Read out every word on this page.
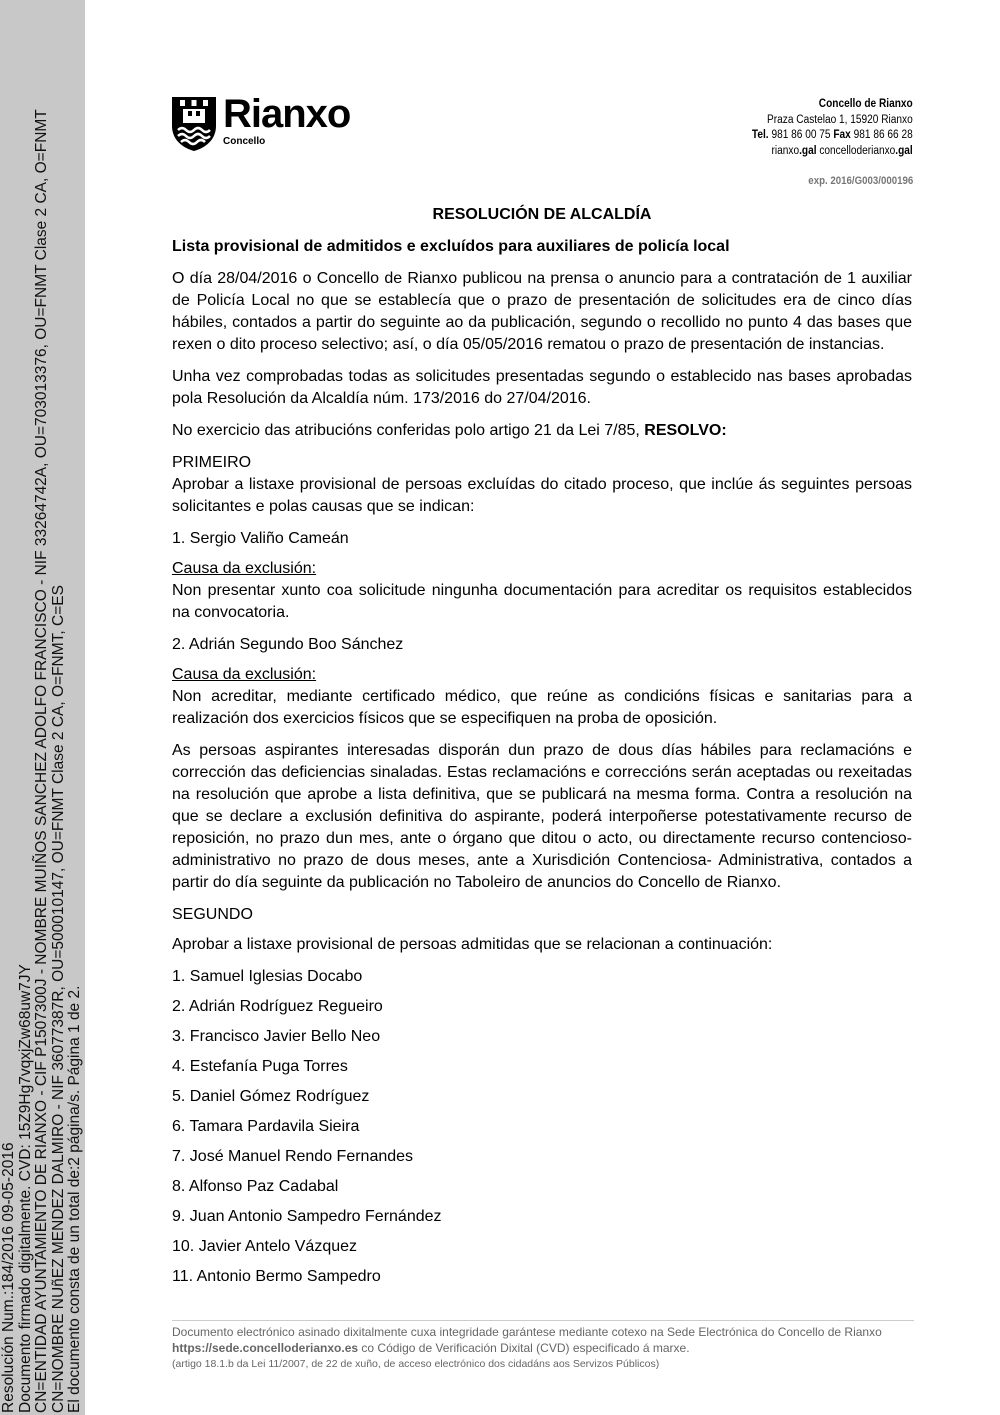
Resolución Num.:184/2016 09-05-2016 Documento firmado digitalmente. CVD: 15Z9Hg7vqxjZw68uw7JY CN=ENTIDAD AYUNTAMIENTO DE RIANXO - CIF P1507300J - NOMBRE MUIÑOS SANCHEZ ADOLFO FRANCISCO - NIF 33264742A, OU=703013376, OU=FNMT Clase 2 CA, O=FNMT CN=NOMBRE NUñEZ MENDEZ DALMIRO - NIF 36077387R, OU=500010147, OU=FNMT Clase 2 CA, O=FNMT, C=ES El documento consta de un total de:2 página/s. Página 1 de 2.
Rianxo
Concello
Concello de Rianxo
Praza Castelao 1, 15920 Rianxo
Tel. 981 86 00 75 Fax 981 86 66 28
rianxo.gal concelloderianxo.gal
exp. 2016/G003/000196
RESOLUCIÓN DE ALCALDÍA
Lista provisional de admitidos e excluídos para auxiliares de policía local

O día 28/04/2016 o Concello de Rianxo publicou na prensa o anuncio para a contratación de 1 auxiliar de Policía Local no que se establecía que o prazo de presentación de solicitudes era de cinco días hábiles, contados a partir do seguinte ao da publicación, segundo o recollido no punto 4 das bases que rexen o dito proceso selectivo; así, o día 05/05/2016 rematou o prazo de presentación de instancias.

Unha vez comprobadas todas as solicitudes presentadas segundo o establecido nas bases aprobadas pola Resolución da Alcaldía núm. 173/2016 do 27/04/2016.

No exercicio das atribucións conferidas polo artigo 21 da Lei 7/85, RESOLVO:

PRIMEIRO

Aprobar a listaxe provisional de persoas excluídas do citado proceso, que inclúe ás seguintes persoas solicitantes e polas causas que se indican:

1. Sergio Valiño Cameán
Causa da exclusión:

Non presentar xunto coa solicitude ningunha documentación para acreditar os requisitos establecidos na convocatoria.

2. Adrián Segundo Boo Sánchez
Causa da exclusión:

Non acreditar, mediante certificado médico, que reúne as condicións físicas e sanitarias para a realización dos exercicios físicos que se especifiquen na proba de oposición.

As persoas aspirantes interesadas disporán dun prazo de dous días hábiles para reclamacións e corrección das deficiencias sinaladas. Estas reclamacións e correccións serán aceptadas ou rexeitadas na resolución que aprobe a lista definitiva, que se publicará na mesma forma. Contra a resolución na que se declare a exclusión definitiva do aspirante, poderá interpoñerse potestativamente recurso de reposición, no prazo dun mes, ante o órgano que ditou o acto, ou directamente recurso contencioso- administrativo no prazo de dous meses, ante a Xurisdición Contenciosa- Administrativa, contados a partir do día seguinte da publicación no Taboleiro de anuncios do Concello de Rianxo.

SEGUNDO

Aprobar a listaxe provisional de persoas admitidas que se relacionan a continuación:

1. Samuel Iglesias Docabo
2. Adrián Rodríguez Regueiro
3. Francisco Javier Bello Neo
4. Estefanía Puga Torres
5. Daniel Gómez Rodríguez
6. Tamara Pardavila Sieira
7. José Manuel Rendo Fernandes
8. Alfonso Paz Cadabal
9. Juan Antonio Sampedro Fernández
10. Javier Antelo Vázquez
11. Antonio Bermo Sampedro
Documento electrónico asinado dixitalmente cuxa integridade garántese mediante cotexo na Sede Electrónica do Concello de Rianxo
https://sede.concelloderianxo.es co Código de Verificación Dixital (CVD) especificado á marxe.
(artigo 18.1.b da Lei 11/2007, de 22 de xuño, de acceso electrónico dos cidadáns aos Servizos Públicos)
